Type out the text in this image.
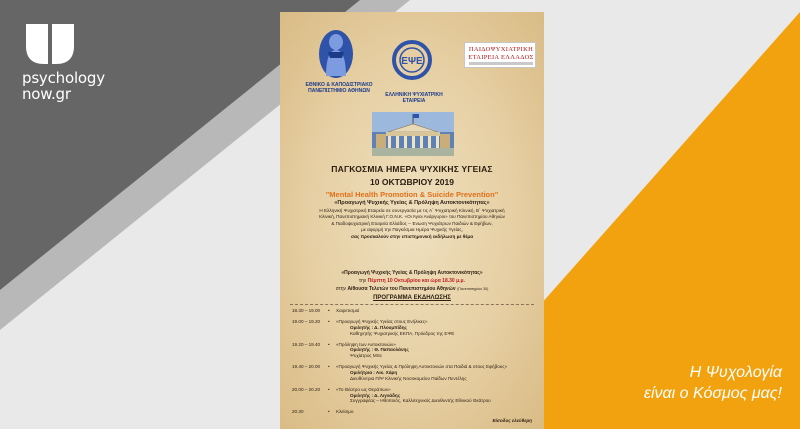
psychology
now.gr	ΕΘΝΙΚΟ & ΚΑΠΟΔΙΣΤΡΙΑΚΟ
ΠΑΝΕΠΙΣΤΗΜΙΟ ΑΘΗΝΩΝ
ΕΨΕ
ΕΛΛΗΝΙΚΗ ΨΥΧΙΑΤΡΙΚΗ ΕΤΑΙΡΕΙΑ
ΠΑΙΔΟΨΥΧΙΑΤΡΙΚΗ
ΕΤΑΙΡΕΙΑ ΕΛΛΑΔΟΣ
ΠΑΓΚΟΣΜΙΑ ΗΜΕΡΑ ΨΥΧΙΚΗΣ ΥΓΕΙΑΣ
10 ΟΚΤΩΒΡΙΟΥ 2019
"Mental Health Promotion & Suicide Prevention"
«Προαγωγή Ψυχικής Υγείας & Πρόληψη Αυτοκτονικότητας»
Η Ελληνική Ψυχιατρική Εταιρεία σε συνεργασία με τις Α΄ Ψυχιατρική Κλινική, Β΄ Ψυχιατρική
Κλινική, Πανεπιστημιακή Κλινική Γ.Ο.Ν.Κ. «Οι Άγιοι Ανάργυροι» του Πανεπιστημίου Αθηνών
& Παιδοψυχιατρική Εταιρεία Ελλάδος – Ένωση Ψυχιάτρων Παιδιών & Εφήβων,
με αφορμή την Παγκόσμια Ημέρα Ψυχικής Υγείας,
σας προσκαλούν στην επιστημονική εκδήλωση με θέμα
«Προαγωγή Ψυχικής Υγείας & Πρόληψη Αυτοκτονικότητας»
την Πέμπτη 10 Οκτωβρίου και ώρα 18.30 μ.μ.
στην Αίθουσα Τελετών του Πανεπιστημίου Αθηνών (Πανεπιστημίου 30)
ΠΡΟΓΡΑΜΜΑ ΕΚΔΗΛΩΣΗΣ
18.30 – 19.00	•	Χαιρετισμοί
19.00 – 19.20	•	«Προαγωγή Ψυχικής Υγείας στους Ενήλικες»
Ομιλητής : Δ. Πλουμπίδης
Καθηγητής Ψυχιατρικής ΕΚΠΑ, Πρόεδρος της ΕΨΕ
19.20 – 19.40	•	«Πρόληψη των Αυτοκτονιών»
Ομιλητής : Θ. Παπαολάνης
Ψυχίατρος MSc
19.40 – 20.00	•	«Προαγωγή Ψυχικής Υγείας & Πρόληψη Αυτοκτονιών στα Παιδιά & στους Εφήβους»
Ομιλήτρια : Αικ. Χάρη
Διευθύντρια Π/Ψ Κλινικής Νοσοκομείου Παίδων Πεντέλης
20.00 – 20.20	•	«Το Θέατρο ως Θεράπων»
Ομιλητής : Δ. Λιγνάδης
Συγγραφέας – Ηθοποιός, Καλλιτεχνικός Διευθυντής Εθνικού Θεάτρου
20.30	•	Κλείσιμο
Είσοδος ελεύθερη
Η Ψυχολογία
είναι ο Κόσμος μας!
